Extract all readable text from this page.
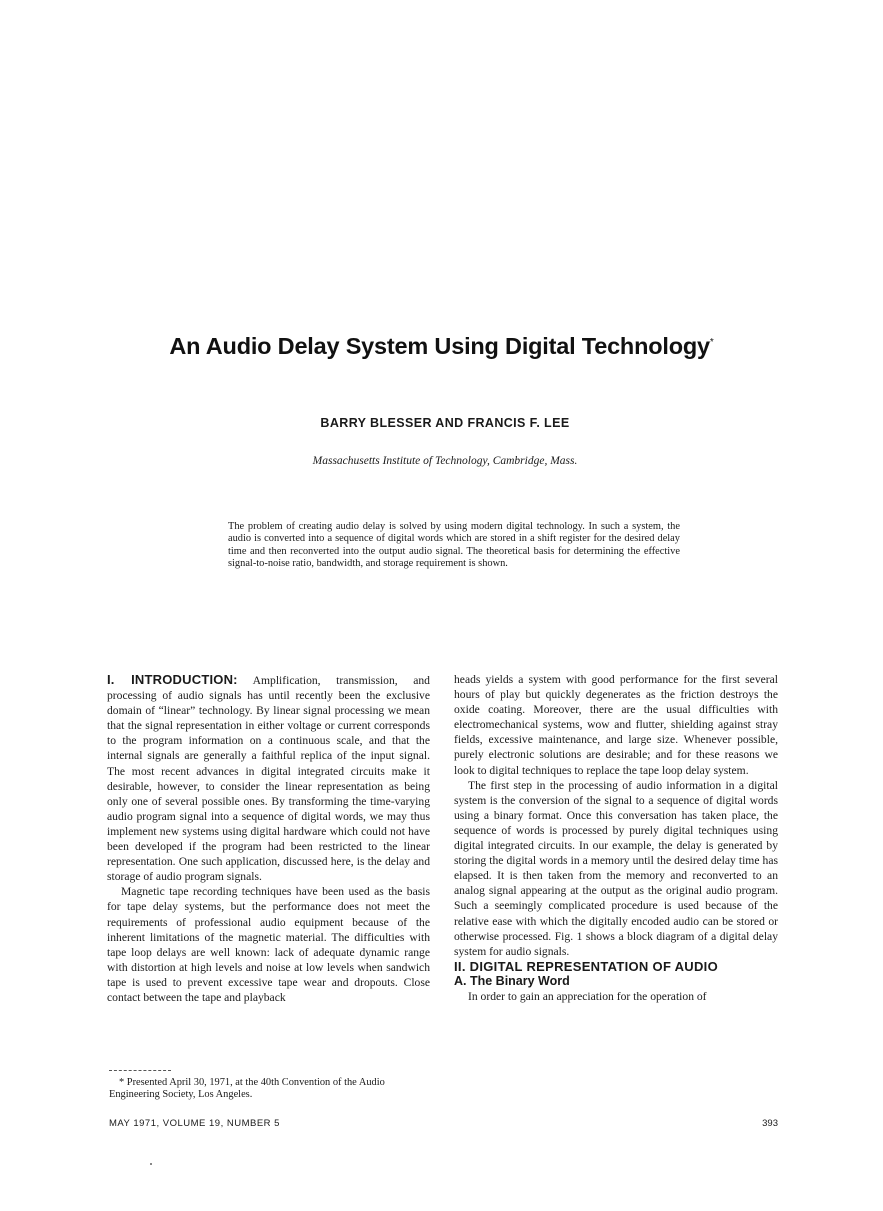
An Audio Delay System Using Digital Technology*
BARRY BLESSER AND FRANCIS F. LEE
Massachusetts Institute of Technology, Cambridge, Mass.
The problem of creating audio delay is solved by using modern digital technology. In such a system, the audio is converted into a sequence of digital words which are stored in a shift register for the desired delay time and then reconverted into the output audio signal. The theoretical basis for determining the effective signal-to-noise ratio, bandwidth, and storage requirement is shown.

I. INTRODUCTION: Amplification, transmission, and processing of audio signals has until recently been the exclusive domain of “linear” technology. By linear signal processing we mean that the signal representation in either voltage or current corresponds to the program information on a continuous scale, and that the internal signals are generally a faithful replica of the input signal. The most recent advances in digital integrated circuits make it desirable, however, to consider the linear representation as being only one of several possible ones. By transforming the time-varying audio program signal into a sequence of digital words, we may thus implement new systems using digital hardware which could not have been developed if the program had been restricted to the linear representation. One such application, discussed here, is the delay and storage of audio program signals.

Magnetic tape recording techniques have been used as the basis for tape delay systems, but the performance does not meet the requirements of professional audio equipment because of the inherent limitations of the magnetic material. The difficulties with tape loop delays are well known: lack of adequate dynamic range with distortion at high levels and noise at low levels when sandwich tape is used to prevent excessive tape wear and dropouts. Close contact between the tape and playback

heads yields a system with good performance for the first several hours of play but quickly degenerates as the friction destroys the oxide coating. Moreover, there are the usual difficulties with electromechanical systems, wow and flutter, shielding against stray fields, excessive maintenance, and large size. Whenever possible, purely electronic solutions are desirable; and for these reasons we look to digital techniques to replace the tape loop delay system.

The first step in the processing of audio information in a digital system is the conversion of the signal to a sequence of digital words using a binary format. Once this conversation has taken place, the sequence of words is processed by purely digital techniques using digital integrated circuits. In our example, the delay is generated by storing the digital words in a memory until the desired delay time has elapsed. It is then taken from the memory and reconverted to an analog signal appearing at the output as the original audio program. Such a seemingly complicated procedure is used because of the relative ease with which the digitally encoded audio can be stored or otherwise processed. Fig. 1 shows a block diagram of a digital delay system for audio signals.

II. DIGITAL REPRESENTATION OF AUDIO

A. The Binary Word

In order to gain an appreciation for the operation of

* Presented April 30, 1971, at the 40th Convention of the Audio Engineering Society, Los Angeles.
MAY 1971, VOLUME 19, NUMBER 5	393
